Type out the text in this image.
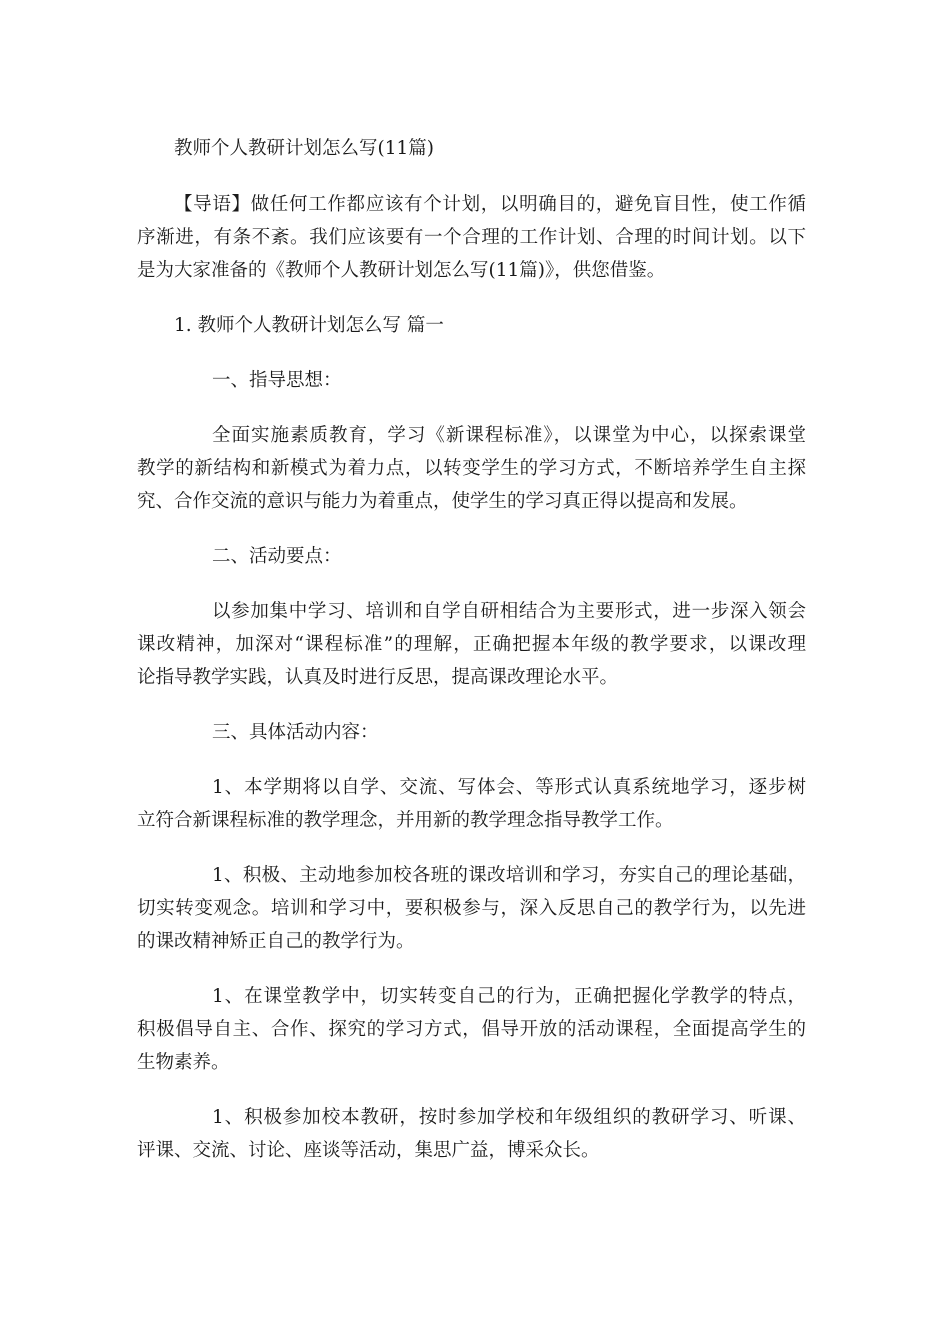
教师个人教研计划怎么写(11篇)
【导语】做任何工作都应该有个计划，以明确目的，避免盲目性，使工作循
序渐进，有条不紊。我们应该要有一个合理的工作计划、合理的时间计划。以下
是为大家准备的《教师个人教研计划怎么写(11篇)》，供您借鉴。
1. 教师个人教研计划怎么写 篇一
一、指导思想：
全面实施素质教育，学习《新课程标准》，以课堂为中心，以探索课堂
教学的新结构和新模式为着力点，以转变学生的学习方式，不断培养学生自主探
究、合作交流的意识与能力为着重点，使学生的学习真正得以提高和发展。
二、活动要点：
以参加集中学习、培训和自学自研相结合为主要形式，进一步深入领会
课改精神，加深对“课程标准”的理解，正确把握本年级的教学要求，以课改理
论指导教学实践，认真及时进行反思，提高课改理论水平。
三、具体活动内容：
1、本学期将以自学、交流、写体会、等形式认真系统地学习，逐步树
立符合新课程标准的教学理念，并用新的教学理念指导教学工作。
1、积极、主动地参加校各班的课改培训和学习，夯实自己的理论基础，
切实转变观念。培训和学习中，要积极参与，深入反思自己的教学行为，以先进
的课改精神矫正自己的教学行为。
1、在课堂教学中，切实转变自己的行为，正确把握化学教学的特点，
积极倡导自主、合作、探究的学习方式，倡导开放的活动课程，全面提高学生的
生物素养。
1、积极参加校本教研，按时参加学校和年级组织的教研学习、听课、
评课、交流、讨论、座谈等活动，集思广益，博采众长。
